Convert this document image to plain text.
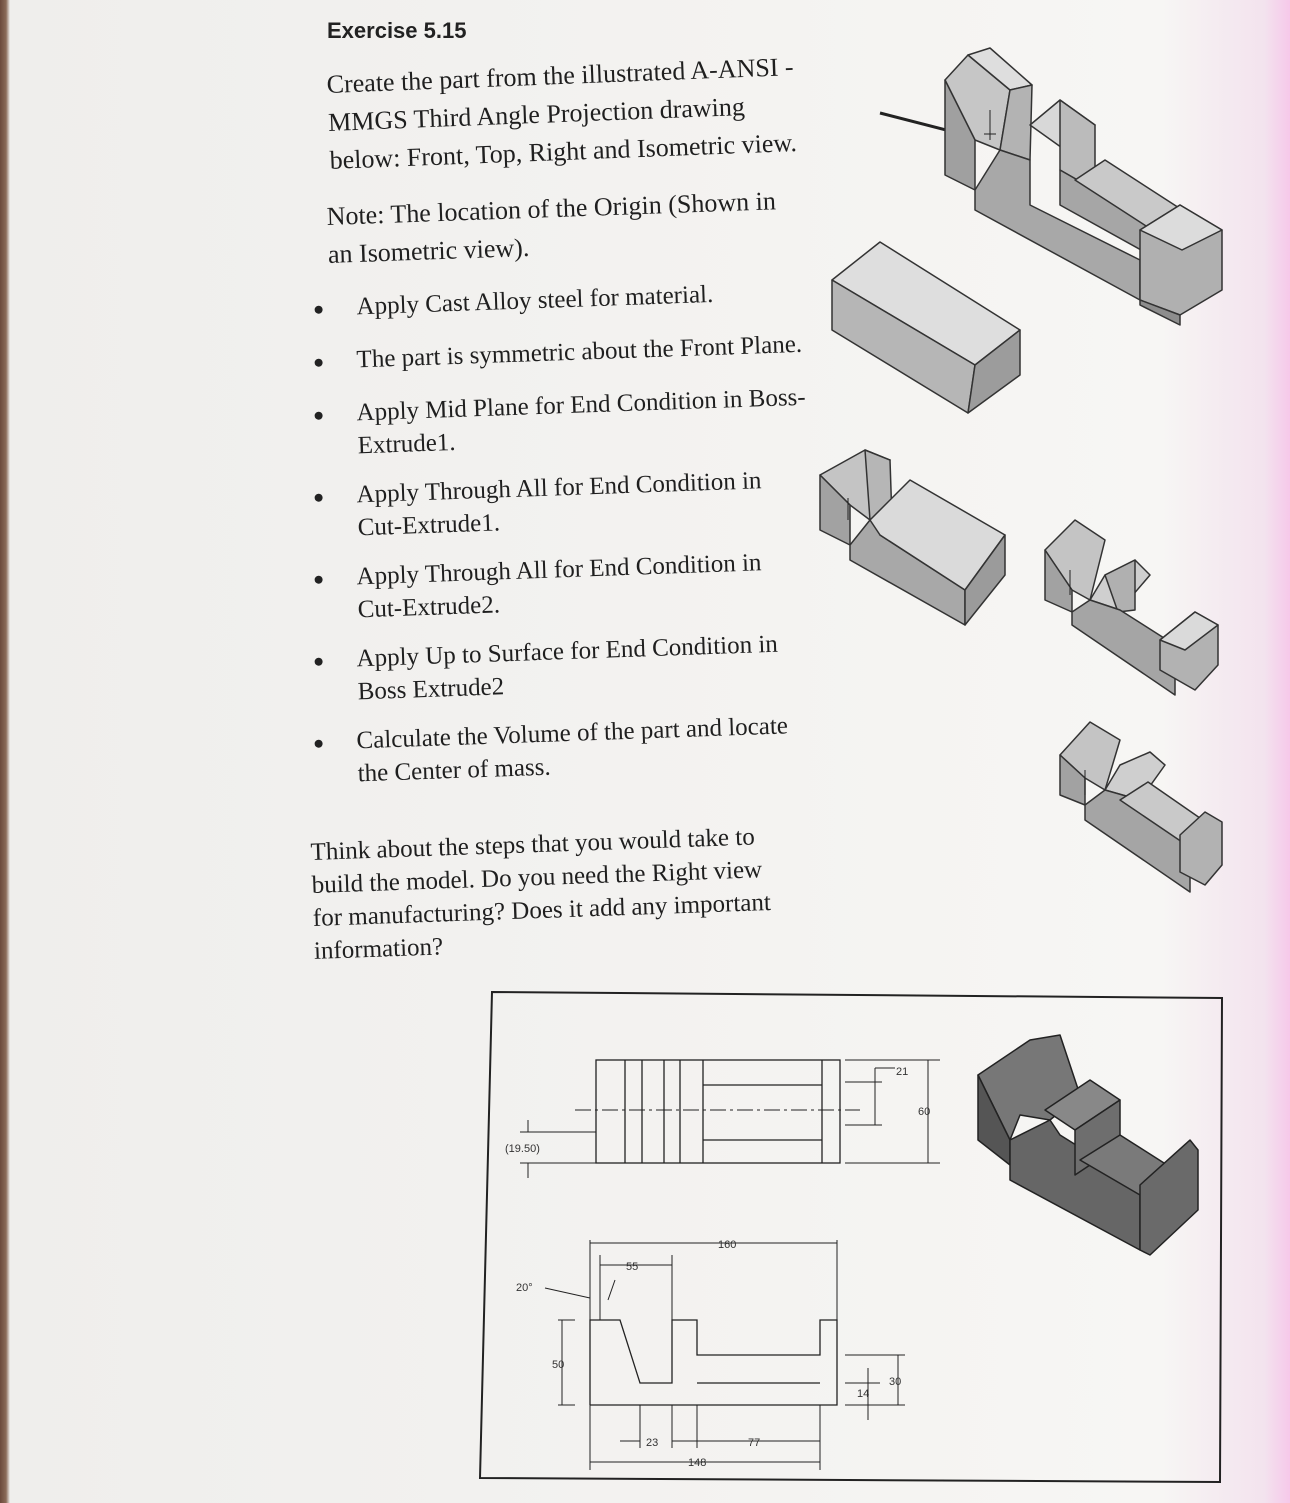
Exercise 5.15
Create the part from the illustrated A-ANSI - MMGS Third Angle Projection drawing below: Front, Top, Right and Isometric view.
Note: The location of the Origin (Shown in an Isometric view).
Apply Cast Alloy steel for material.
The part is symmetric about the Front Plane.
Apply Mid Plane for End Condition in Boss-Extrude1.
Apply Through All for End Condition in Cut-Extrude1.
Apply Through All for End Condition in Cut-Extrude2.
Apply Up to Surface for End Condition in Boss Extrude2
Calculate the Volume of the part and locate the Center of mass.
Think about the steps that you would take to build the model. Do you need the Right view for manufacturing? Does it add any important information?
21
60
(19.50)
160
55
20°
50
30
14
23	77
148
